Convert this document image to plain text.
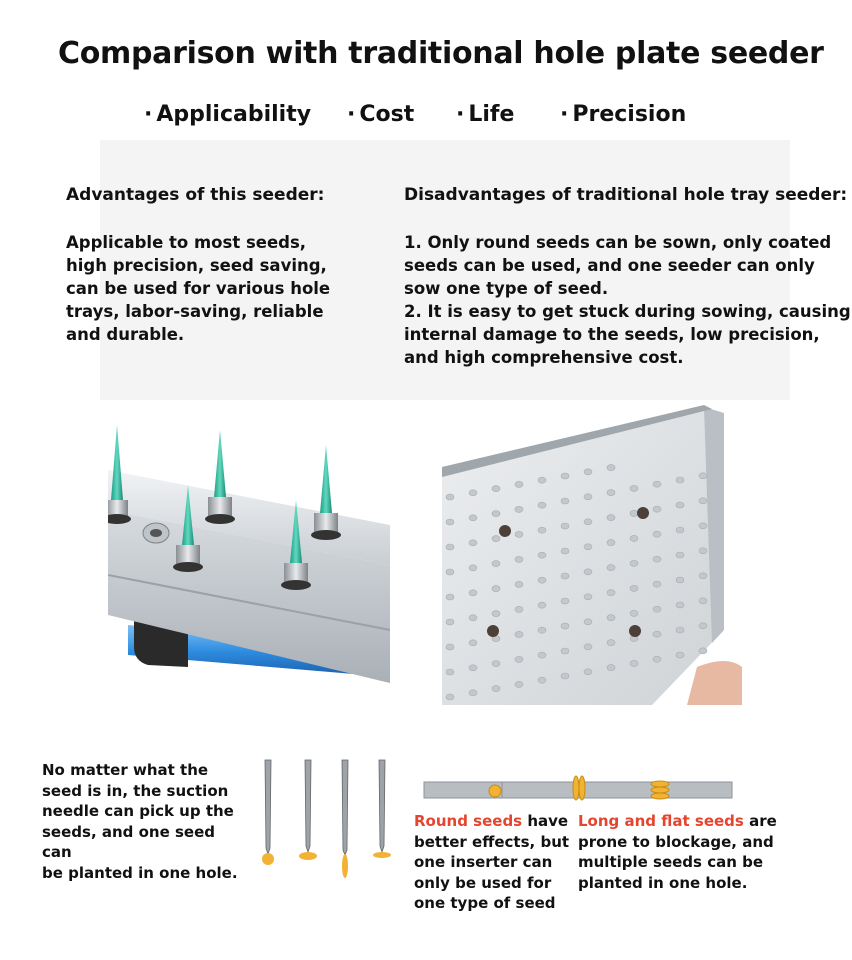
Comparison with traditional hole plate seeder
· Applicability · Cost · Life · Precision
Advantages of this seeder:
Applicable to most seeds,
high precision, seed saving,
can be used for various hole
trays, labor-saving, reliable
and durable.
Disadvantages of traditional hole tray seeder:
1. Only round seeds can be sown, only coated
seeds can be used, and one seeder can only
sow one type of seed.
2. It is easy to get stuck during sowing, causing
internal damage to the seeds, low precision,
and high comprehensive cost.
No matter what the
seed is in, the suction
needle can pick up the
seeds, and one seed can
be planted in one hole.
Round seeds have
better effects, but
one inserter can
only be used for
one type of seed
Long and flat seeds are
prone to blockage, and
multiple seeds can be
planted in one hole.
